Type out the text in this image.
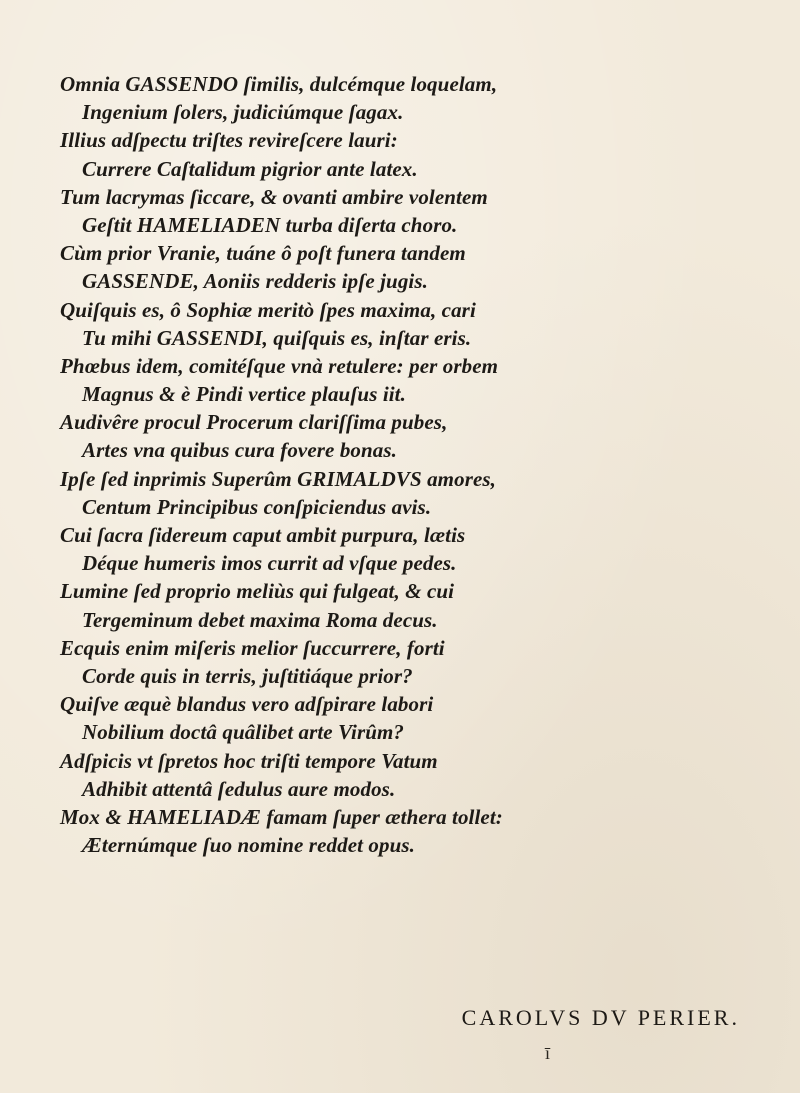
Omnia GASSENDO ſimilis, dulcémque loquelam,
Ingenium ſolers, judiciúmque ſagax.
Illius adſpectu triſtes revireſcere lauri:
Currere Caſtalidum pigrior ante latex.
Tum lacrymas ſiccare, & ovanti ambire volentem
Geſtit HAMELIADEN turba diſerta choro.
Cùm prior Vranie, tuáne ô poſt funera tandem
GASSENDE, Aoniis redderis ipſe jugis.
Quiſquis es, ô Sophiæ meritò ſpes maxima, cari
Tu mihi GASSENDI, quiſquis es, inſtar eris.
Phœbus idem, comitéſque vnà retulere: per orbem
Magnus & è Pindi vertice plauſus iit.
Audivêre procul Procerum clariſſima pubes,
Artes vna quibus cura fovere bonas.
Ipſe ſed inprimis Superûm GRIMALDVS amores,
Centum Principibus conſpiciendus avis.
Cui ſacra ſidereum caput ambit purpura, lætis
Déque humeris imos currit ad vſque pedes.
Lumine ſed proprio meliùs qui fulgeat, & cui
Tergeminum debet maxima Roma decus.
Ecquis enim miſeris melior ſuccurrere, forti
Corde quis in terris, juſtitiáque prior?
Quiſve æquè blandus vero adſpirare labori
Nobilium doctâ quâlibet arte Virûm?
Adſpicis vt ſpretos hoc triſti tempore Vatum
Adhibit attentâ ſedulus aure modos.
Mox & HAMELIADÆ famam ſuper æthera tollet:
Æternúmque ſuo nomine reddet opus.
CAROLVS DV PERIER.
ī
